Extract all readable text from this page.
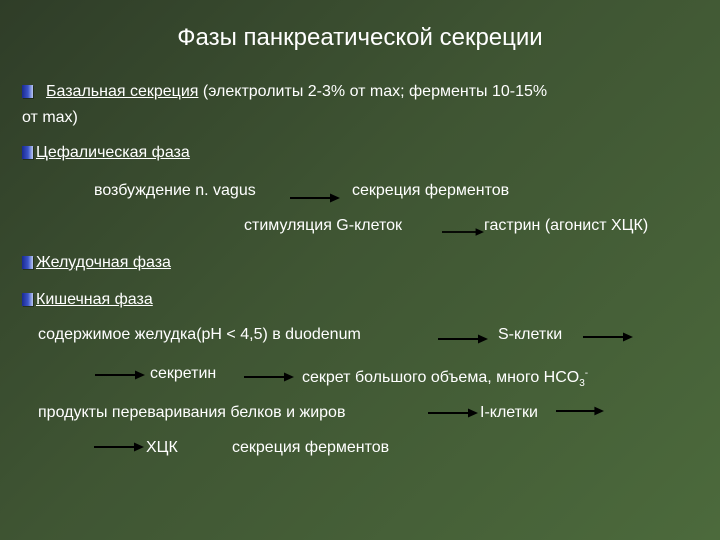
Фазы панкреатической секреции
Базальная секреция (электролиты 2-3% от max; ферменты 10-15%
от max)
Цефалическая фаза
возбуждение n. vagus	секреция ферментов
стимуляция G-клеток	гастрин (агонист ХЦК)
Желудочная фаза
Кишечная фаза
содержимое желудка(pH < 4,5) в duodenum	S-клетки
секретин	секрет большого объема, много $HCO_3^-$
продукты переваривания белков и жиров	I-клетки
ХЦК	секреция ферментов
